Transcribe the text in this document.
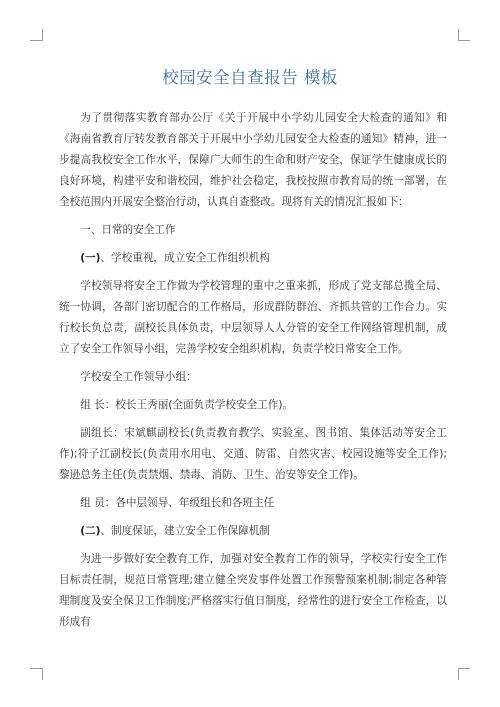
校园安全自查报告 模板

为了贯彻落实教育部办公厅《关于开展中小学幼儿园安全大检查的通知》和《海南省教育厅转发教育部关于开展中小学幼儿园安全大检查的通知》精神，进一步提高我校安全工作水平，保障广大师生的生命和财产安全，保证学生健康成长的良好环境，构建平安和谐校园，维护社会稳定，我校按照市教育局的统一部署，在全校范围内开展安全整治行动，认真自查整改。现将有关的情况汇报如下：

一、日常的安全工作

(一)、学校重视，成立安全工作组织机构

学校领导将安全工作做为学校管理的重中之重来抓，形成了党支部总揽全局、统一协调，各部门密切配合的工作格局，形成群防群治、齐抓共管的工作合力。实行校长负总责，副校长具体负责，中层领导人人分管的安全工作网络管理机制，成立了安全工作领导小组，完善学校安全组织机构，负责学校日常安全工作。

学校安全工作领导小组：

组 长：校长王秀丽(全面负责学校安全工作)。

副组长：宋斌麒副校长(负责教育教学、实验室、图书馆、集体活动等安全工作);符子江副校长(负责用水用电、交通、防雷、自然灾害、校园设施等安全工作);黎逊总务主任(负责禁烟、禁毒、消防、卫生、治安等安全工作)。

组 员：各中层领导、年级组长和各班主任

(二)、制度保证，建立安全工作保障机制

为进一步做好安全教育工作，加强对安全教育工作的领导，学校实行安全工作目标责任制，规范日常管理;建立健全突发事件处置工作预警预案机制;制定各种管理制度及安全保卫工作制度;严格落实行值日制度，经常性的进行安全工作检查，以形成有
